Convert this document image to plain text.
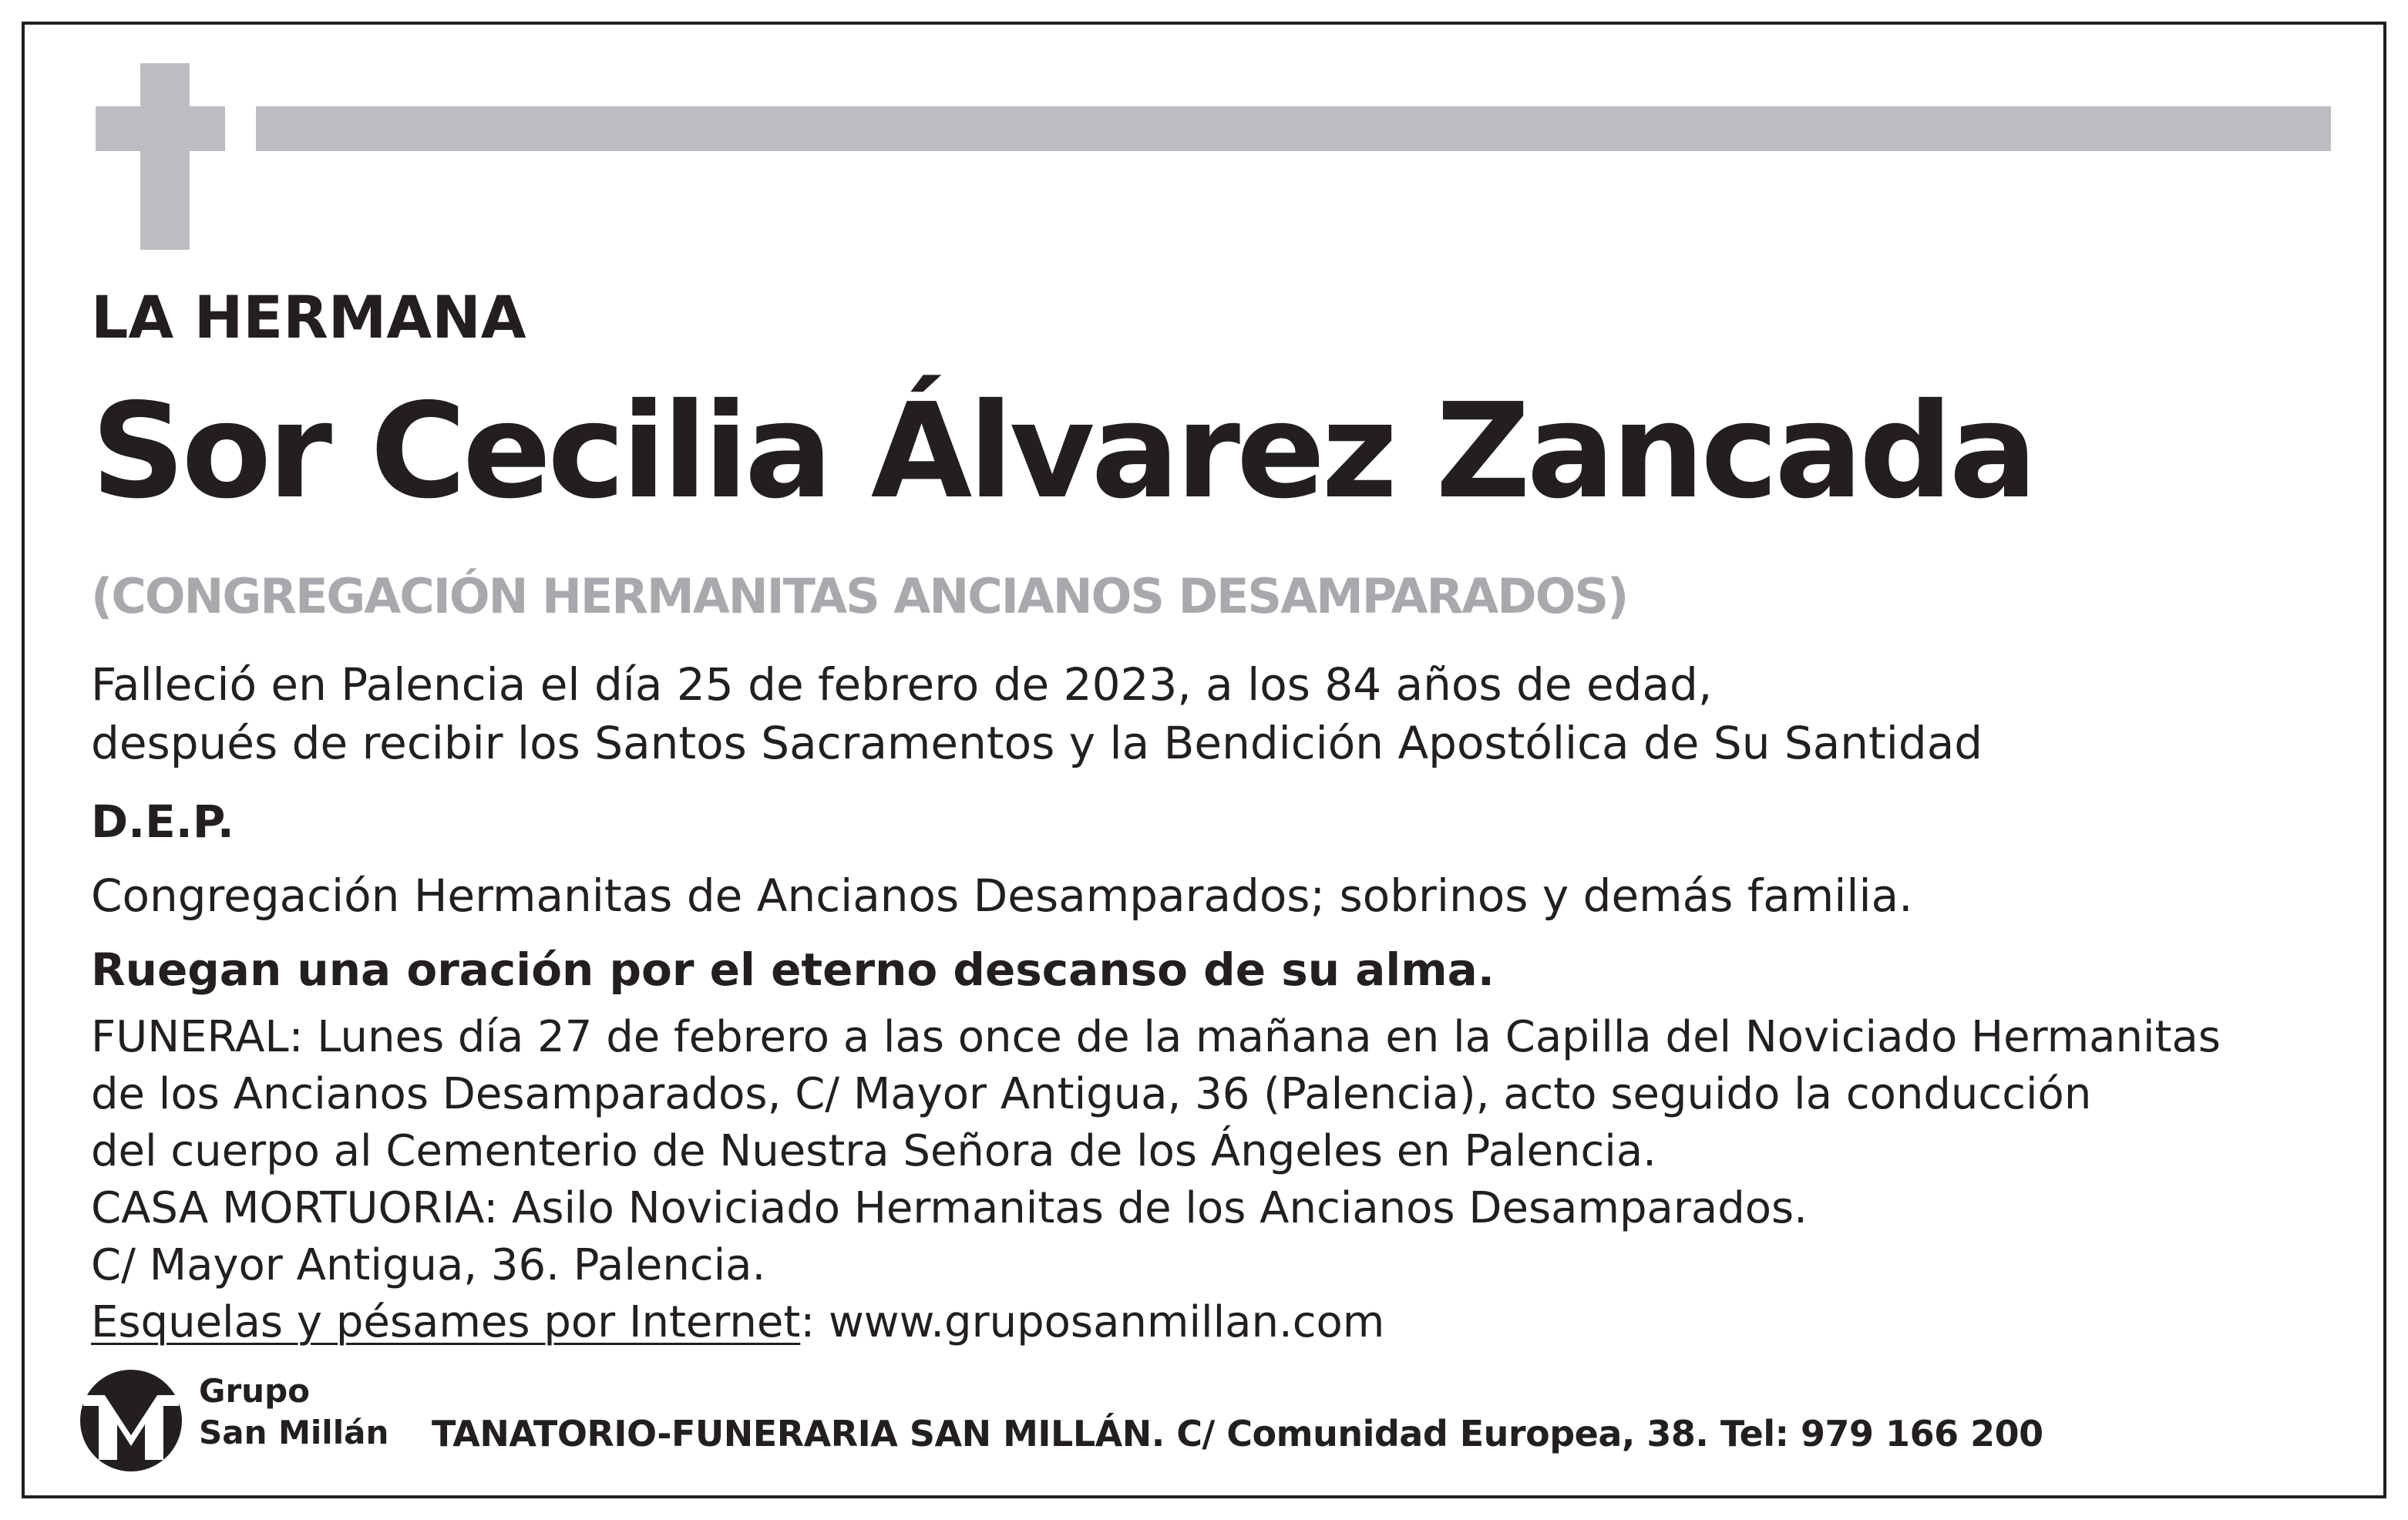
LA HERMANA

Sor Cecilia Álvarez Zancada

(CONGREGACIÓN HERMANITAS ANCIANOS DESAMPARADOS)

Falleció en Palencia el día 25 de febrero de 2023, a los 84 años de edad,

después de recibir los Santos Sacramentos y la Bendición Apostólica de Su Santidad

D.E.P.

Congregación Hermanitas de Ancianos Desamparados; sobrinos y demás familia.

Ruegan una oración por el eterno descanso de su alma.

FUNERAL: Lunes día 27 de febrero a las once de la mañana en la Capilla del Noviciado Hermanitas

de los Ancianos Desamparados, C/ Mayor Antigua, 36 (Palencia), acto seguido la conducción

del cuerpo al Cementerio de Nuestra Señora de los Ángeles en Palencia.

CASA MORTUORIA: Asilo Noviciado Hermanitas de los Ancianos Desamparados.

C/ Mayor Antigua, 36. Palencia.

Esquelas y pésames por Internet: www.gruposanmillan.com

Grupo
San Millán TANATORIO-FUNERARIA SAN MILLÁN. C/ Comunidad Europea, 38. Tel: 979 166 200
